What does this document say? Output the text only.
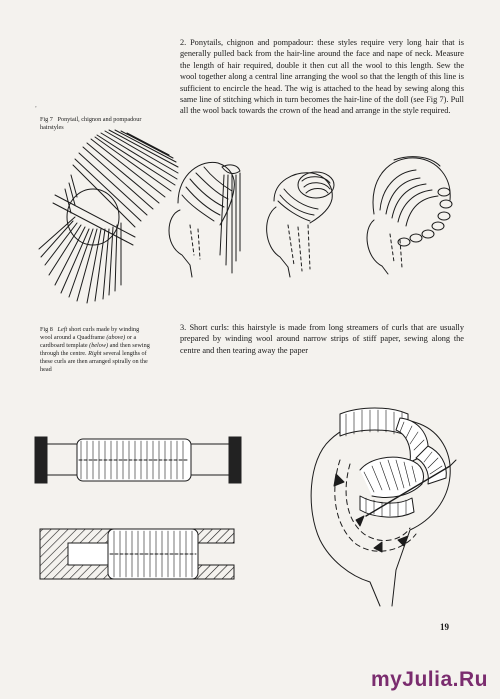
,
2. Ponytails, chignon and pompadour: these styles require very long hair that is generally pulled back from the hair-line around the face and nape of neck. Measure the length of hair required, double it then cut all the wool to this length. Sew the wool together along a central line arranging the wool so that the length of this line is sufficient to encircle the head. The wig is attached to the head by sewing along this same line of stitching which in turn becomes the hair-line of the doll (see Fig 7). Pull all the wool back towards the crown of the head and arrange in the style required.
Fig 7 Ponytail, chignon and pompadour hairstyles
Fig 8 Left short curls made by winding wool around a Quadframe (above) or a cardboard template (below) and then sewing through the centre. Right several lengths of these curls are then arranged spirally on the head
3. Short curls: this hairstyle is made from long streamers of curls that are usually prepared by winding wool around narrow strips of stiff paper, sewing along the centre and then tearing away the paper
19
myJulia.Ru
